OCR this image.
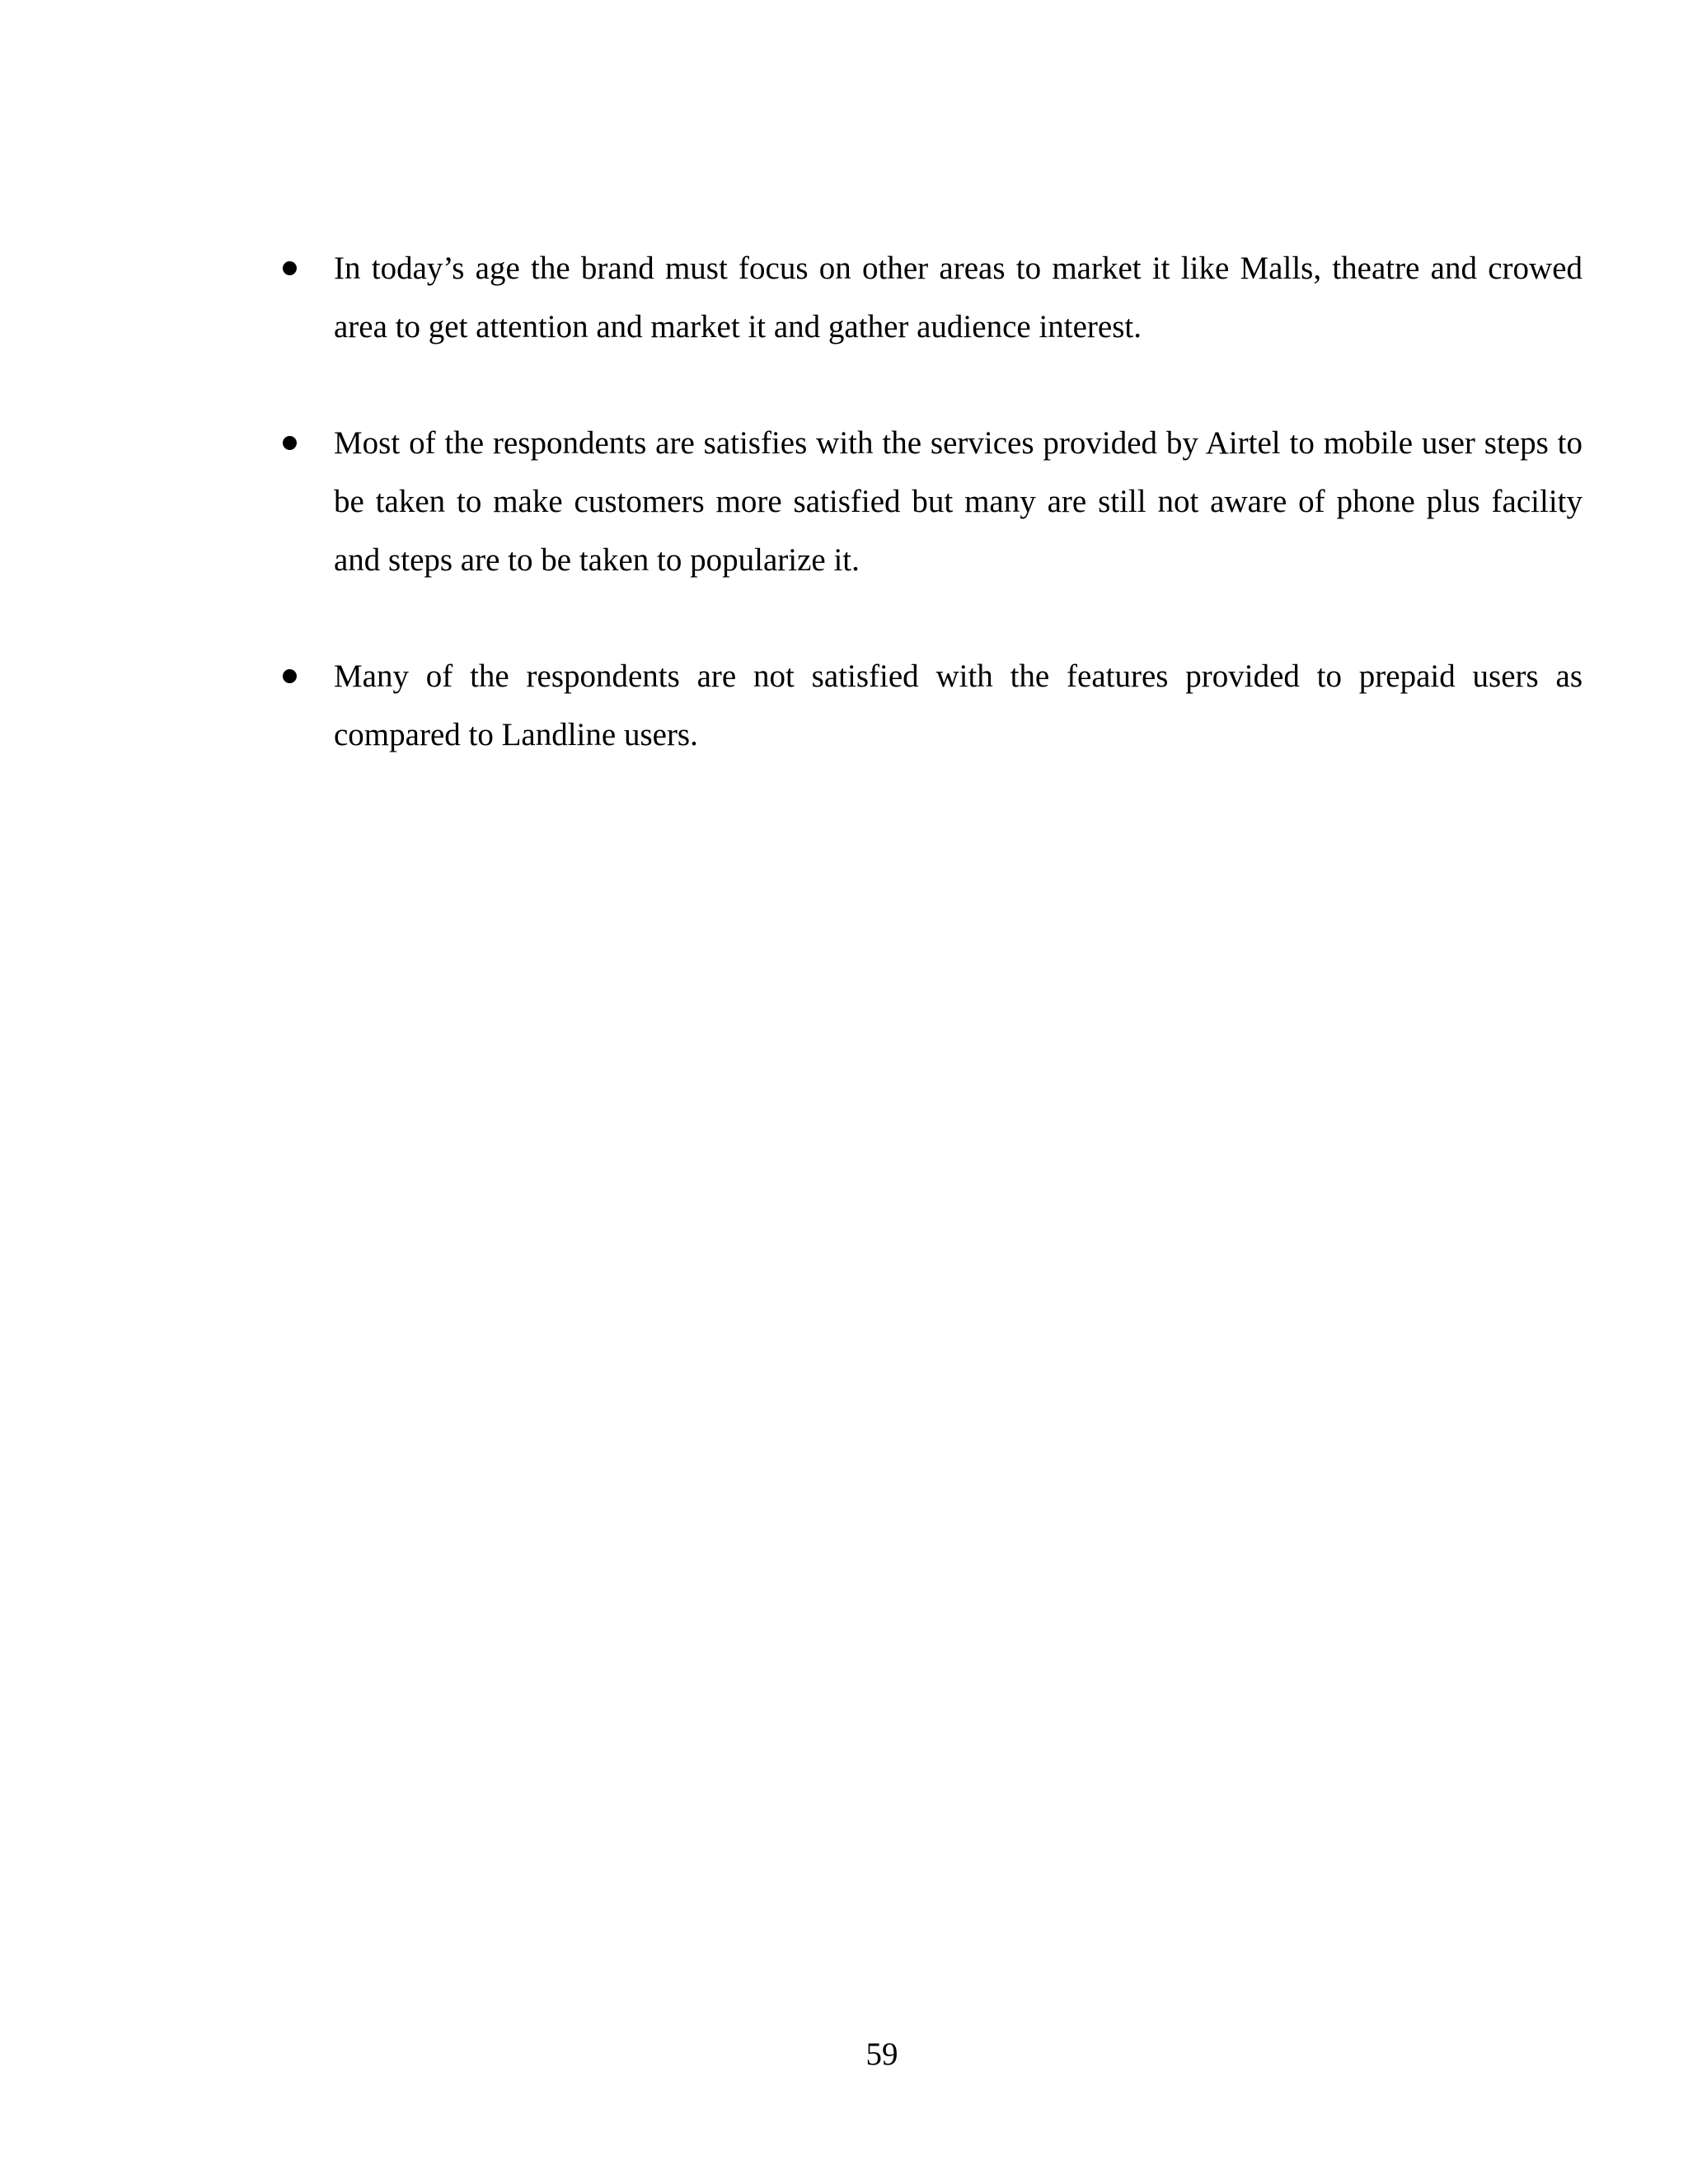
In today’s age the brand must focus on other areas to market it like Malls, theatre and crowed area to get attention and market it and gather audience interest.
Most of the respondents are satisfies with the services provided by Airtel to mobile user steps to be taken to make customers more satisfied but many are still not aware of phone plus facility and steps are to be taken to popularize it.
Many of the respondents are not satisfied with the features provided to prepaid users as compared to Landline users.
59
